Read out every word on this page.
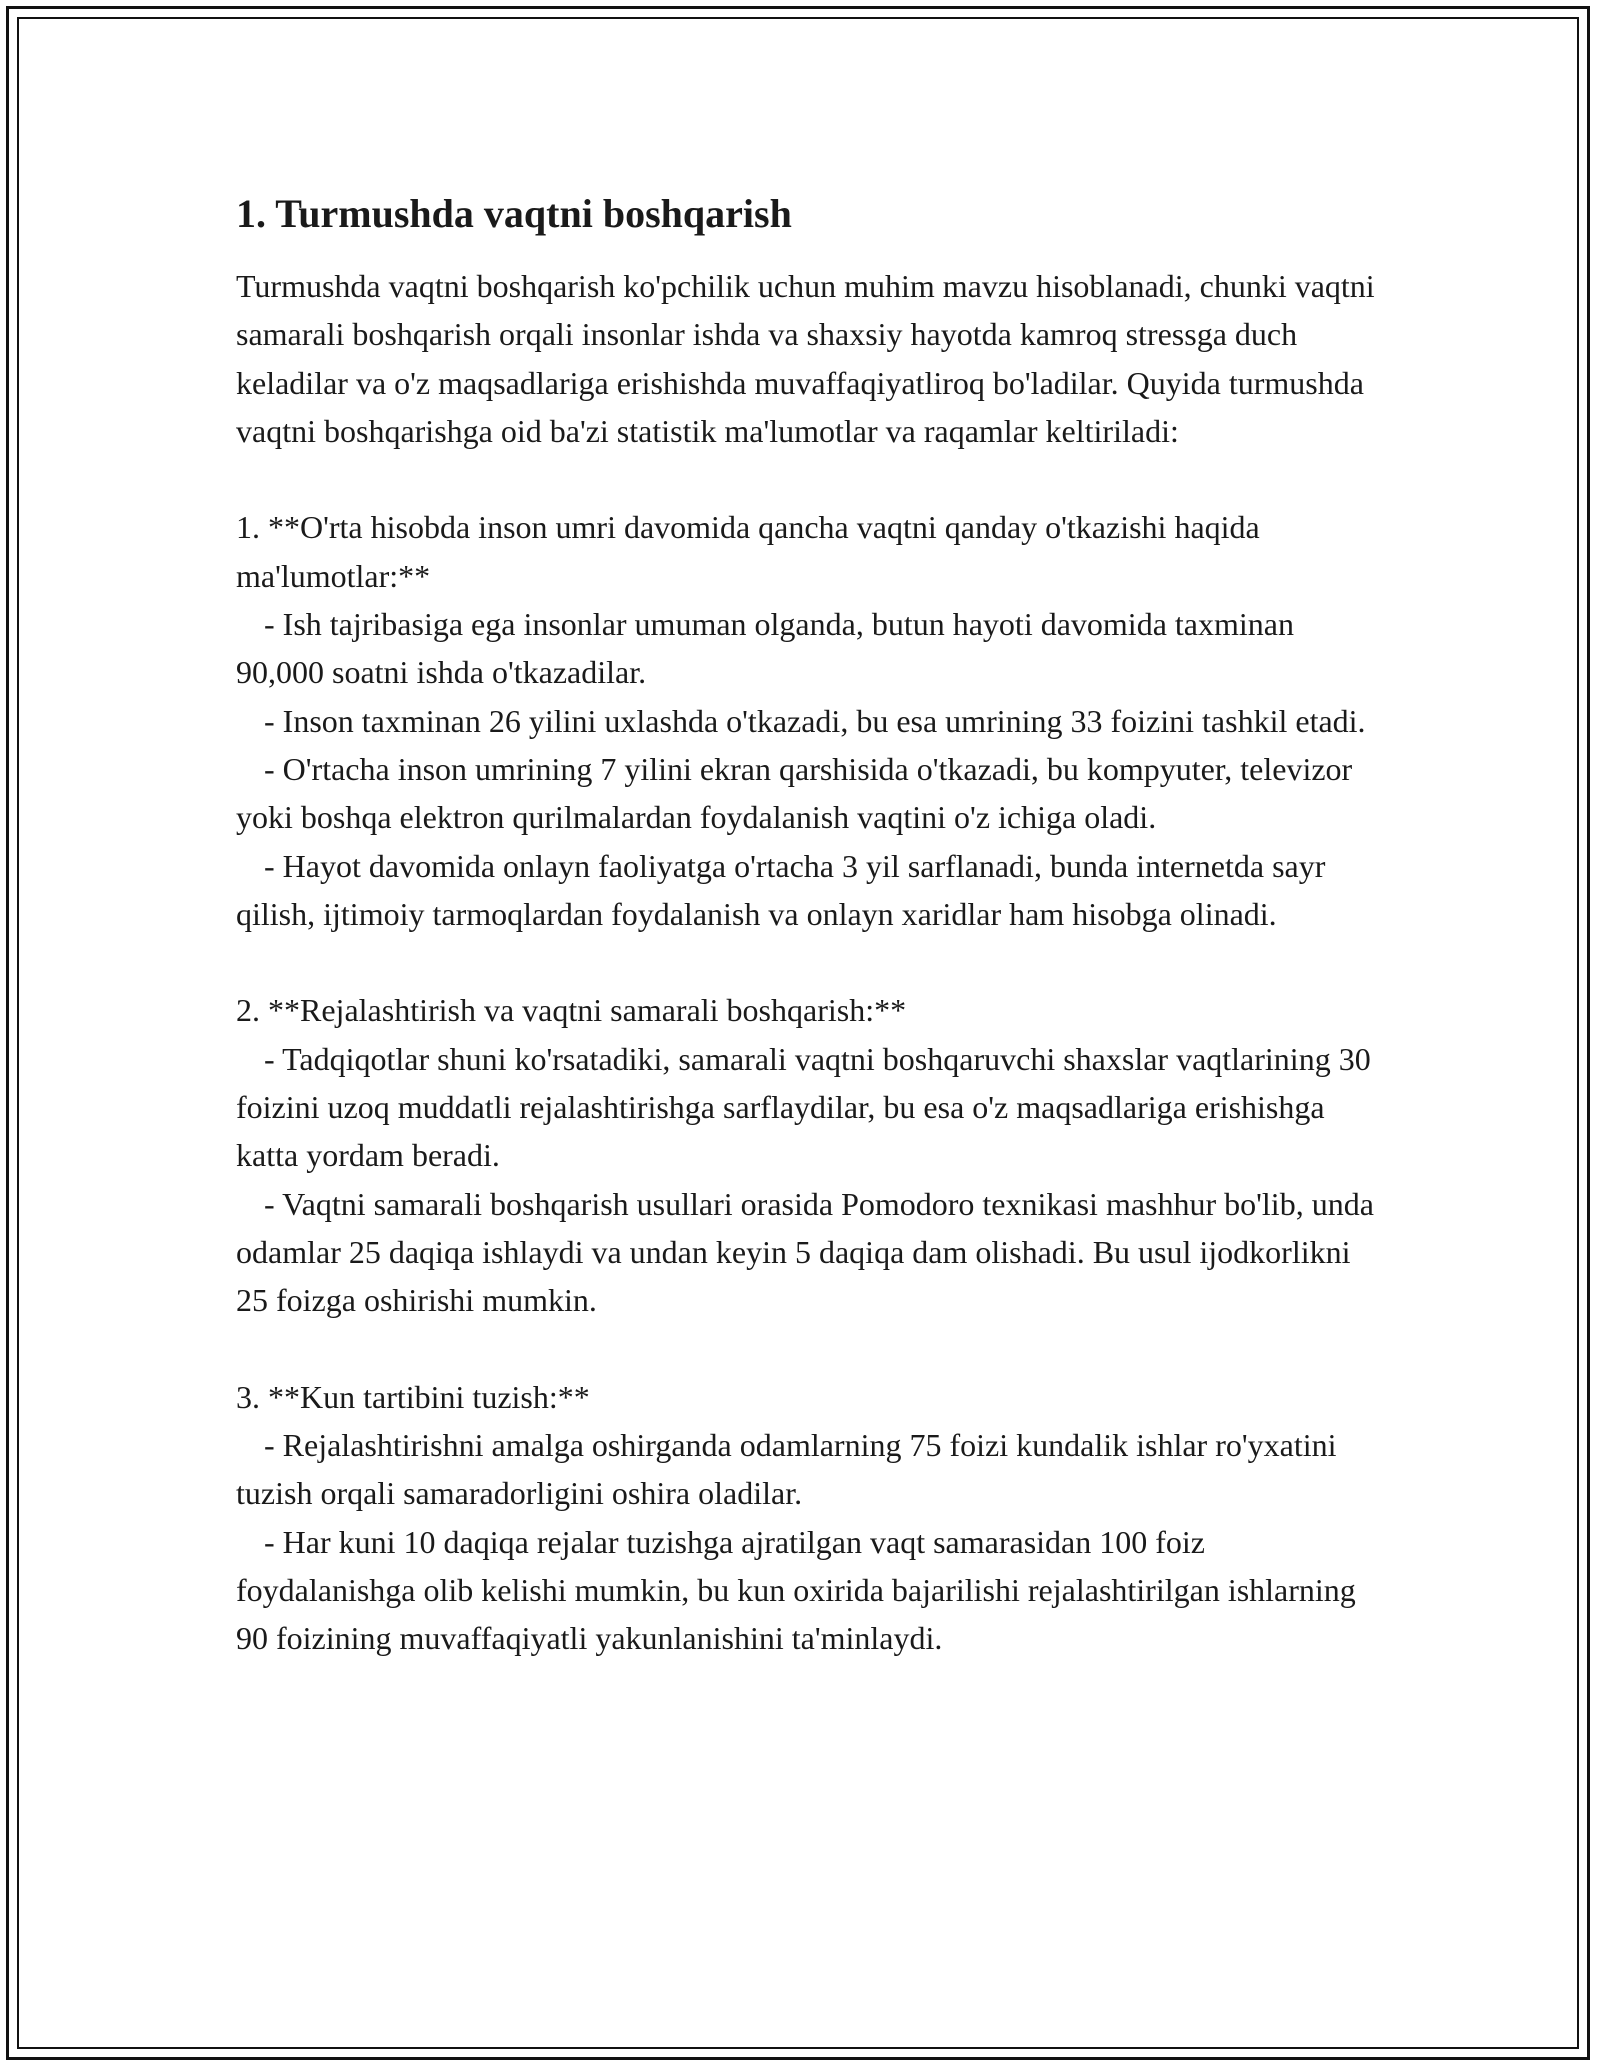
1. Turmushda vaqtni boshqarish

Turmushda vaqtni boshqarish ko'pchilik uchun muhim mavzu hisoblanadi, chunki vaqtni samarali boshqarish orqali insonlar ishda va shaxsiy hayotda kamroq stressga duch keladilar va o'z maqsadlariga erishishda muvaffaqiyatliroq bo'ladilar. Quyida turmushda vaqtni boshqarishga oid ba'zi statistik ma'lumotlar va raqamlar keltiriladi:

1. **O'rta hisobda inson umri davomida qancha vaqtni qanday o'tkazishi haqida ma'lumotlar:**

- Ish tajribasiga ega insonlar umuman olganda, butun hayoti davomida taxminan 90,000 soatni ishda o'tkazadilar.

- Inson taxminan 26 yilini uxlashda o'tkazadi, bu esa umrining 33 foizini tashkil etadi.

- O'rtacha inson umrining 7 yilini ekran qarshisida o'tkazadi, bu kompyuter, televizor yoki boshqa elektron qurilmalardan foydalanish vaqtini o'z ichiga oladi.

- Hayot davomida onlayn faoliyatga o'rtacha 3 yil sarflanadi, bunda internetda sayr qilish, ijtimoiy tarmoqlardan foydalanish va onlayn xaridlar ham hisobga olinadi.

2. **Rejalashtirish va vaqtni samarali boshqarish:**

- Tadqiqotlar shuni ko'rsatadiki, samarali vaqtni boshqaruvchi shaxslar vaqtlarining 30 foizini uzoq muddatli rejalashtirishga sarflaydilar, bu esa o'z maqsadlariga erishishga katta yordam beradi.

- Vaqtni samarali boshqarish usullari orasida Pomodoro texnikasi mashhur bo'lib, unda odamlar 25 daqiqa ishlaydi va undan keyin 5 daqiqa dam olishadi. Bu usul ijodkorlikni 25 foizga oshirishi mumkin.

3. **Kun tartibini tuzish:**

- Rejalashtirishni amalga oshirganda odamlarning 75 foizi kundalik ishlar ro'yxatini tuzish orqali samaradorligini oshira oladilar.

- Har kuni 10 daqiqa rejalar tuzishga ajratilgan vaqt samarasidan 100 foiz foydalanishga olib kelishi mumkin, bu kun oxirida bajarilishi rejalashtirilgan ishlarning 90 foizining muvaffaqiyatli yakunlanishini ta'minlaydi.
